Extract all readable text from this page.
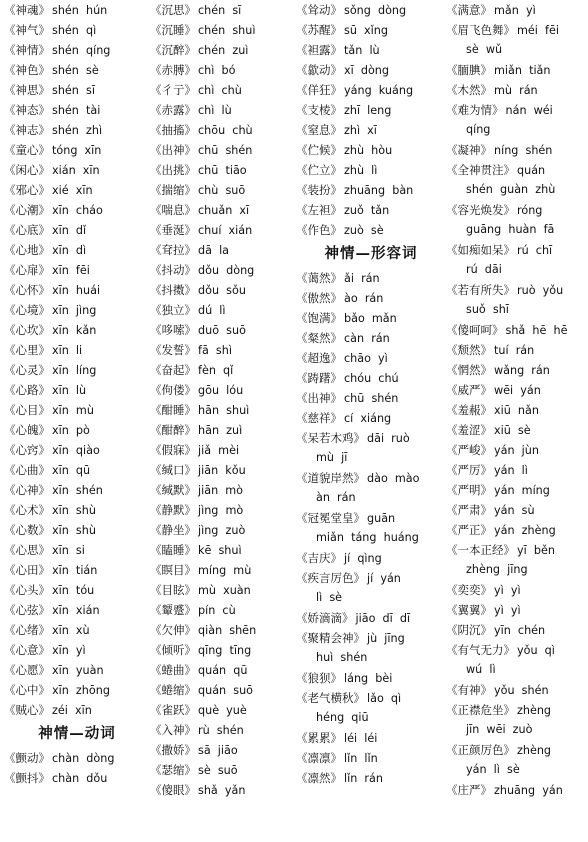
《神魂》 shén  hún
《神气》 shén  qì
《神情》 shén  qíng
《神色》 shén  sè
《神思》 shén  sī
《神态》 shén  tài
《神志》 shén  zhì
《童心》 tóng  xīn
《闲心》 xián  xīn
《邪心》 xié  xīn
《心潮》 xīn  cháo
《心底》 xīn  dǐ
《心地》 xīn  dì
《心扉》 xīn  fēi
《心怀》 xīn  huái
《心境》 xīn  jìng
《心坎》 xīn  kǎn
《心里》 xīn  li
《心灵》 xīn  líng
《心路》 xīn  lù
《心目》 xīn  mù
《心魄》 xīn  pò
《心窍》 xīn  qiào
《心曲》 xīn  qū
《心神》 xīn  shén
《心术》 xīn  shù
《心数》 xīn  shù
《心思》 xīn  si
《心田》 xīn  tián
《心头》 xīn  tóu
《心弦》 xīn  xián
《心绪》 xīn  xù
《心意》 xīn  yì
《心愿》 xīn  yuàn
《心中》 xīn  zhōng
《贼心》 zéi  xīn
神情—动词
《颤动》 chàn  dòng
《颤抖》 chàn  dǒu
《沉思》 chén  sī
《沉睡》 chén  shuì
《沉醉》 chén  zuì
《赤膊》 chì  bó
《彳亍》 chì  chù
《赤露》 chì  lù
《抽搐》 chōu  chù
《出神》 chū  shén
《出挑》 chū  tiāo
《揣缩》 chù  suō
《喘息》 chuǎn  xī
《垂涎》 chuí  xián
《耷拉》 dā  la
《抖动》 dǒu  dòng
《抖擞》 dǒu  sǒu
《独立》 dú  lì
《哆嗦》 duō  suō
《发誓》 fā  shì
《奋起》 fèn  qǐ
《佝偻》 gōu  lóu
《酣睡》 hān  shuì
《酣醉》 hān  zuì
《假寐》 jiǎ  mèi
《缄口》 jiān  kǒu
《缄默》 jiān  mò
《静默》 jìng  mò
《静坐》 jìng  zuò
《瞌睡》 kē  shuì
《瞑目》 míng  mù
《目眩》 mù  xuàn
《颦蹙》 pín  cù
《欠伸》 qiàn  shēn
《倾听》 qīng  tīng
《蜷曲》 quán  qū
《蜷缩》 quán  suō
《雀跃》 què  yuè
《入神》 rù  shén
《撒娇》 sā  jiāo
《瑟缩》 sè  suō
《傻眼》 shǎ  yǎn
《耸动》 sǒng  dòng
《苏醒》 sū  xǐng
《袒露》 tǎn  lù
《歙动》 xī  dòng
《佯狂》 yáng  kuáng
《支棱》 zhī  leng
《窒息》 zhì  xī
《伫候》 zhù  hòu
《伫立》 zhù  lì
《装扮》 zhuāng  bàn
《左袒》 zuǒ  tǎn
《作色》 zuò  sè
神情—形容词
《蔼然》 ǎi  rán
《傲然》 ào  rán
《饱满》 bǎo  mǎn
《粲然》 càn  rán
《超逸》 chāo  yì
《踌躇》 chóu  chú
《出神》 chū  shén
《慈祥》 cí  xiáng
《呆若木鸡》 dāi  ruò
mù  jī
《道貌岸然》 dào  mào
àn  rán
《冠冕堂皇》 guān
miǎn  táng  huáng
《吉庆》 jí  qìng
《疾言厉色》 jí  yán
lì  sè
《娇滴滴》 jiāo  dī  dī
《聚精会神》 jù  jīng
huì  shén
《狼狈》 láng  bèi
《老气横秋》 lǎo  qì
héng  qiū
《累累》 léi  léi
《凛凛》 lǐn  lǐn
《凛然》 lǐn  rán
《满意》 mǎn  yì
《眉飞色舞》 méi  fēi
sè  wǔ
《腼腆》 miǎn  tiǎn
《木然》 mù  rán
《难为情》 nán  wéi
qíng
《凝神》 níng  shén
《全神贯注》 quán
shén  guàn  zhù
《容光焕发》 róng
guāng  huàn  fā
《如痴如呆》 rú  chī
rú  dāi
《若有所失》 ruò  yǒu
suǒ  shī
《傻呵呵》 shǎ  hē  hē
《颓然》 tuí  rán
《惘然》 wǎng  rán
《威严》 wēi  yán
《羞赧》 xiū  nǎn
《羞涩》 xiū  sè
《严峻》 yán  jùn
《严厉》 yán  lì
《严明》 yán  míng
《严肃》 yán  sù
《严正》 yán  zhèng
《一本正经》 yī  běn
zhèng  jīng
《奕奕》 yì  yì
《翼翼》 yì  yì
《阴沉》 yīn  chén
《有气无力》 yǒu  qì
wú  lì
《有神》 yǒu  shén
《正襟危坐》 zhèng
jīn  wēi  zuò
《正颜厉色》 zhèng
yán  lì  sè
《庄严》 zhuāng  yán
